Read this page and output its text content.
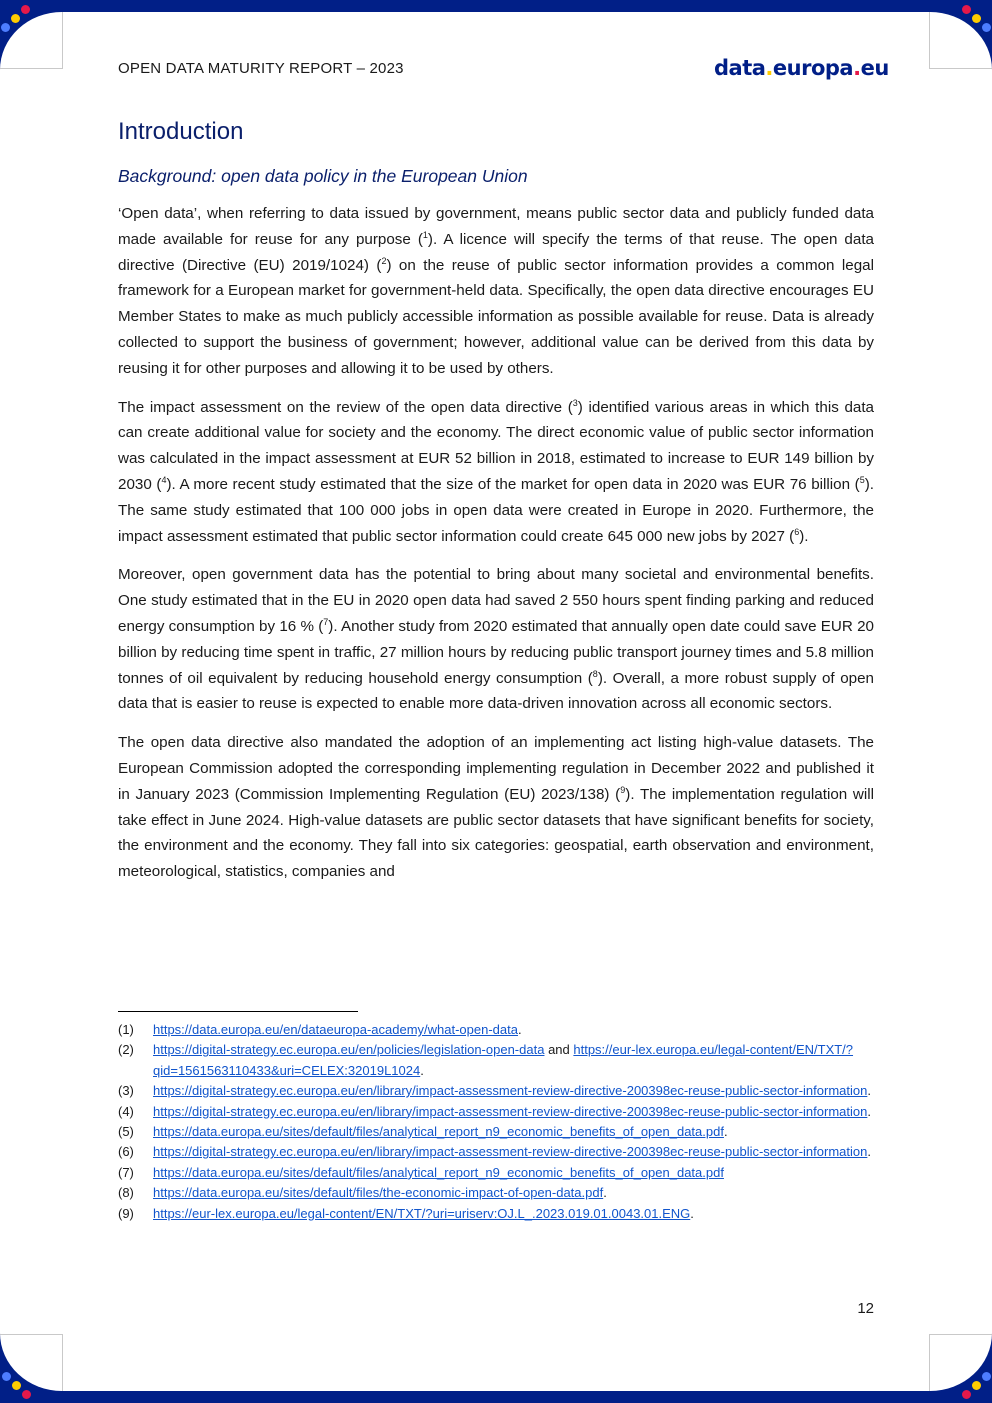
OPEN DATA MATURITY REPORT – 2023	data.europa.eu
Introduction
Background: open data policy in the European Union

‘Open data’, when referring to data issued by government, means public sector data and publicly funded data made available for reuse for any purpose ($^1$). A licence will specify the terms of that reuse. The open data directive (Directive (EU) 2019/1024) ($^2$) on the reuse of public sector information provides a common legal framework for a European market for government-held data. Specifically, the open data directive encourages EU Member States to make as much publicly accessible information as possible available for reuse. Data is already collected to support the business of government; however, additional value can be derived from this data by reusing it for other purposes and allowing it to be used by others.

The impact assessment on the review of the open data directive ($^3$) identified various areas in which this data can create additional value for society and the economy. The direct economic value of public sector information was calculated in the impact assessment at EUR 52 billion in 2018, estimated to increase to EUR 149 billion by 2030 ($^4$). A more recent study estimated that the size of the market for open data in 2020 was EUR 76 billion ($^5$). The same study estimated that 100 000 jobs in open data were created in Europe in 2020. Furthermore, the impact assessment estimated that public sector information could create 645 000 new jobs by 2027 ($^6$).

Moreover, open government data has the potential to bring about many societal and environmental benefits. One study estimated that in the EU in 2020 open data had saved 2 550 hours spent finding parking and reduced energy consumption by 16 % ($^7$). Another study from 2020 estimated that annually open date could save EUR 20 billion by reducing time spent in traffic, 27 million hours by reducing public transport journey times and 5.8 million tonnes of oil equivalent by reducing household energy consumption ($^8$). Overall, a more robust supply of open data that is easier to reuse is expected to enable more data-driven innovation across all economic sectors.

The open data directive also mandated the adoption of an implementing act listing high-value datasets. The European Commission adopted the corresponding implementing regulation in December 2022 and published it in January 2023 (Commission Implementing Regulation (EU) 2023/138) ($^9$). The implementation regulation will take effect in June 2024. High-value datasets are public sector datasets that have significant benefits for society, the environment and the economy. They fall into six categories: geospatial, earth observation and environment, meteorological, statistics, companies and

(1)	https://data.europa.eu/en/dataeuropa-academy/what-open-data.
(2)	https://digital-strategy.ec.europa.eu/en/policies/legislation-open-data and https://eur-lex.europa.eu/legal-content/EN/TXT/?qid=1561563110433&uri=CELEX:32019L1024.
(3)	https://digital-strategy.ec.europa.eu/en/library/impact-assessment-review-directive-200398ec-reuse-public-sector-information.
(4)	https://digital-strategy.ec.europa.eu/en/library/impact-assessment-review-directive-200398ec-reuse-public-sector-information.
(5)	https://data.europa.eu/sites/default/files/analytical_report_n9_economic_benefits_of_open_data.pdf.
(6)	https://digital-strategy.ec.europa.eu/en/library/impact-assessment-review-directive-200398ec-reuse-public-sector-information.
(7)	https://data.europa.eu/sites/default/files/analytical_report_n9_economic_benefits_of_open_data.pdf
(8)	https://data.europa.eu/sites/default/files/the-economic-impact-of-open-data.pdf.
(9)	https://eur-lex.europa.eu/legal-content/EN/TXT/?uri=uriserv:OJ.L_.2023.019.01.0043.01.ENG.
12
